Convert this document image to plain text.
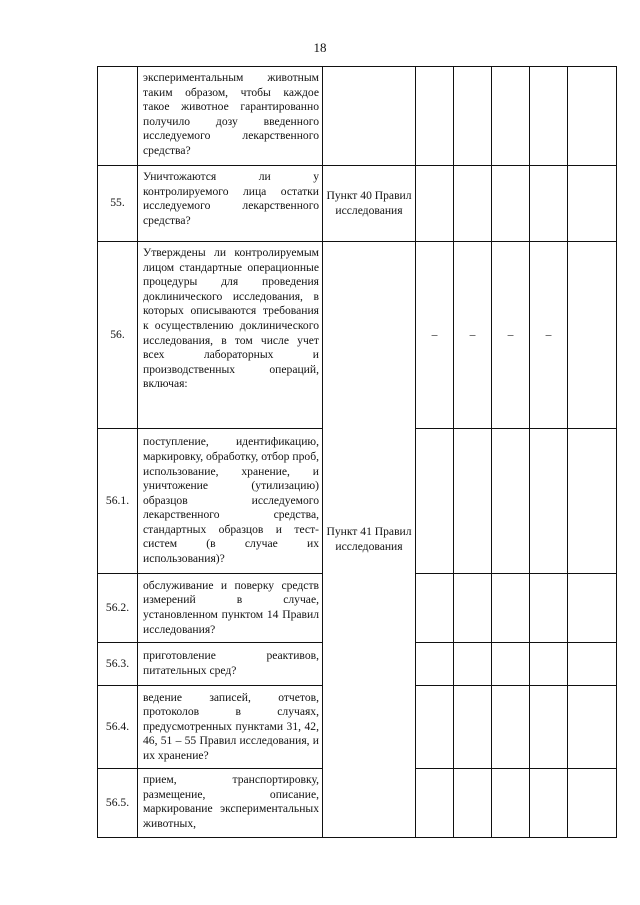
18

	экспериментальным животным таким образом, чтобы каждое такое животное гарантированно получило дозу введенного исследуемого лекарственного средства?							

55.	Уничтожаются ли у контролируемого лица остатки исследуемого лекарственного средства?	Пункт 40 Правил исследования						
56.	Утверждены ли контролируемым лицом стандартные операционные процедуры для проведения доклинического исследования, в которых описываются требования к осуществлению доклинического исследования, в том числе учет всех лабораторных и производственных операций, включая:	Пункт 41 Правил исследования	–	–	–	–		
56.1.	поступление, идентификацию, маркировку, обработку, отбор проб, использование, хранение, и уничтожение (утилизацию) образцов исследуемого лекарственного средства, стандартных образцов и тест-систем (в случае их использования)?							

56.2.	обслуживание и поверку средств измерений в случае, установленном пунктом 14 Правил исследования?							

56.3.	приготовление реактивов, питательных сред?							

56.4.	ведение записей, отчетов, протоколов в случаях, предусмотренных пунктами 31, 42, 46, 51 – 55 Правил исследования, и их хранение?							

56.5.	прием, транспортировку, размещение, описание, маркирование экспериментальных животных,							
